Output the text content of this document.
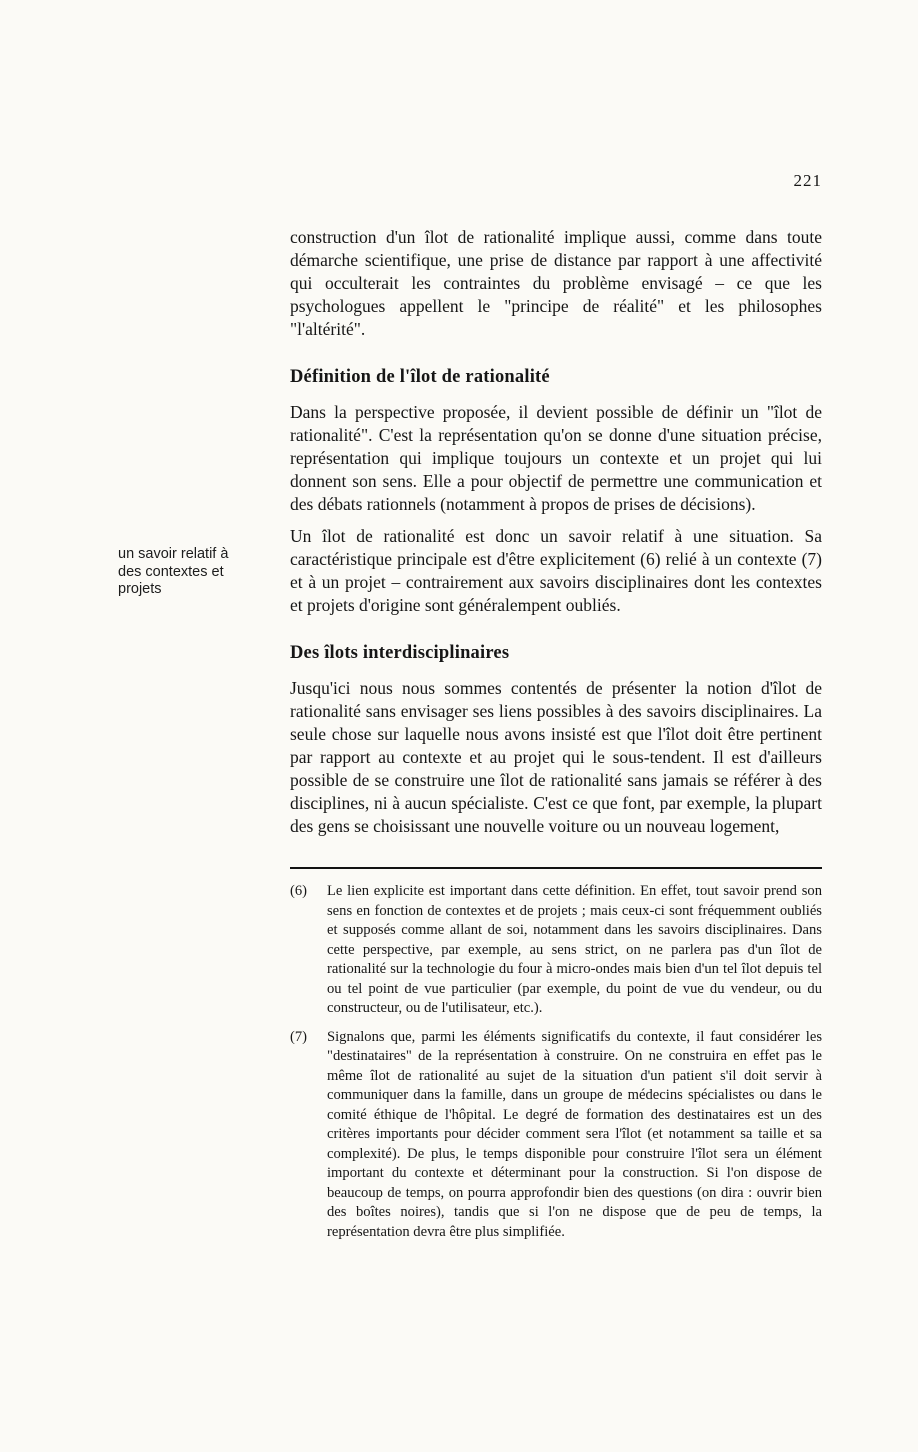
221
un savoir relatif à des contextes et projets

construction d'un îlot de rationalité implique aussi, comme dans toute démarche scientifique, une prise de distance par rapport à une affectivité qui occulterait les contraintes du problème envisagé – ce que les psychologues appellent le "principe de réalité" et les philosophes "l'altérité".

Définition de l'îlot de rationalité

Dans la perspective proposée, il devient possible de définir un "îlot de rationalité". C'est la représentation qu'on se donne d'une situation précise, représentation qui implique toujours un contexte et un projet qui lui donnent son sens. Elle a pour objectif de permettre une communication et des débats rationnels (notamment à propos de prises de décisions).

Un îlot de rationalité est donc un savoir relatif à une situation. Sa caractéristique principale est d'être explicitement (6) relié à un contexte (7) et à un projet – contrairement aux savoirs disciplinaires dont les contextes et projets d'origine sont généralempent oubliés.

Des îlots interdisciplinaires

Jusqu'ici nous nous sommes contentés de présenter la notion d'îlot de rationalité sans envisager ses liens possibles à des savoirs disciplinaires. La seule chose sur laquelle nous avons insisté est que l'îlot doit être pertinent par rapport au contexte et au projet qui le sous-tendent. Il est d'ailleurs possible de se construire une îlot de rationalité sans jamais se référer à des disciplines, ni à aucun spécialiste. C'est ce que font, par exemple, la plupart des gens se choisissant une nouvelle voiture ou un nouveau logement,

(6)	Le lien explicite est important dans cette définition. En effet, tout savoir prend son sens en fonction de contextes et de projets ; mais ceux-ci sont fréquemment oubliés et supposés comme allant de soi, notamment dans les savoirs disciplinaires. Dans cette perspective, par exemple, au sens strict, on ne parlera pas d'un îlot de rationalité sur la technologie du four à micro-ondes mais bien d'un tel îlot depuis tel ou tel point de vue particulier (par exemple, du point de vue du vendeur, ou du constructeur, ou de l'utilisateur, etc.).
(7)	Signalons que, parmi les éléments significatifs du contexte, il faut considérer les "destinataires" de la représentation à construire. On ne construira en effet pas le même îlot de rationalité au sujet de la situation d'un patient s'il doit servir à communiquer dans la famille, dans un groupe de médecins spécialistes ou dans le comité éthique de l'hôpital. Le degré de formation des destinataires est un des critères importants pour décider comment sera l'îlot (et notamment sa taille et sa complexité). De plus, le temps disponible pour construire l'îlot sera un élément important du contexte et déterminant pour la construction. Si l'on dispose de beaucoup de temps, on pourra approfondir bien des questions (on dira : ouvrir bien des boîtes noires), tandis que si l'on ne dispose que de peu de temps, la représentation devra être plus simplifiée.
